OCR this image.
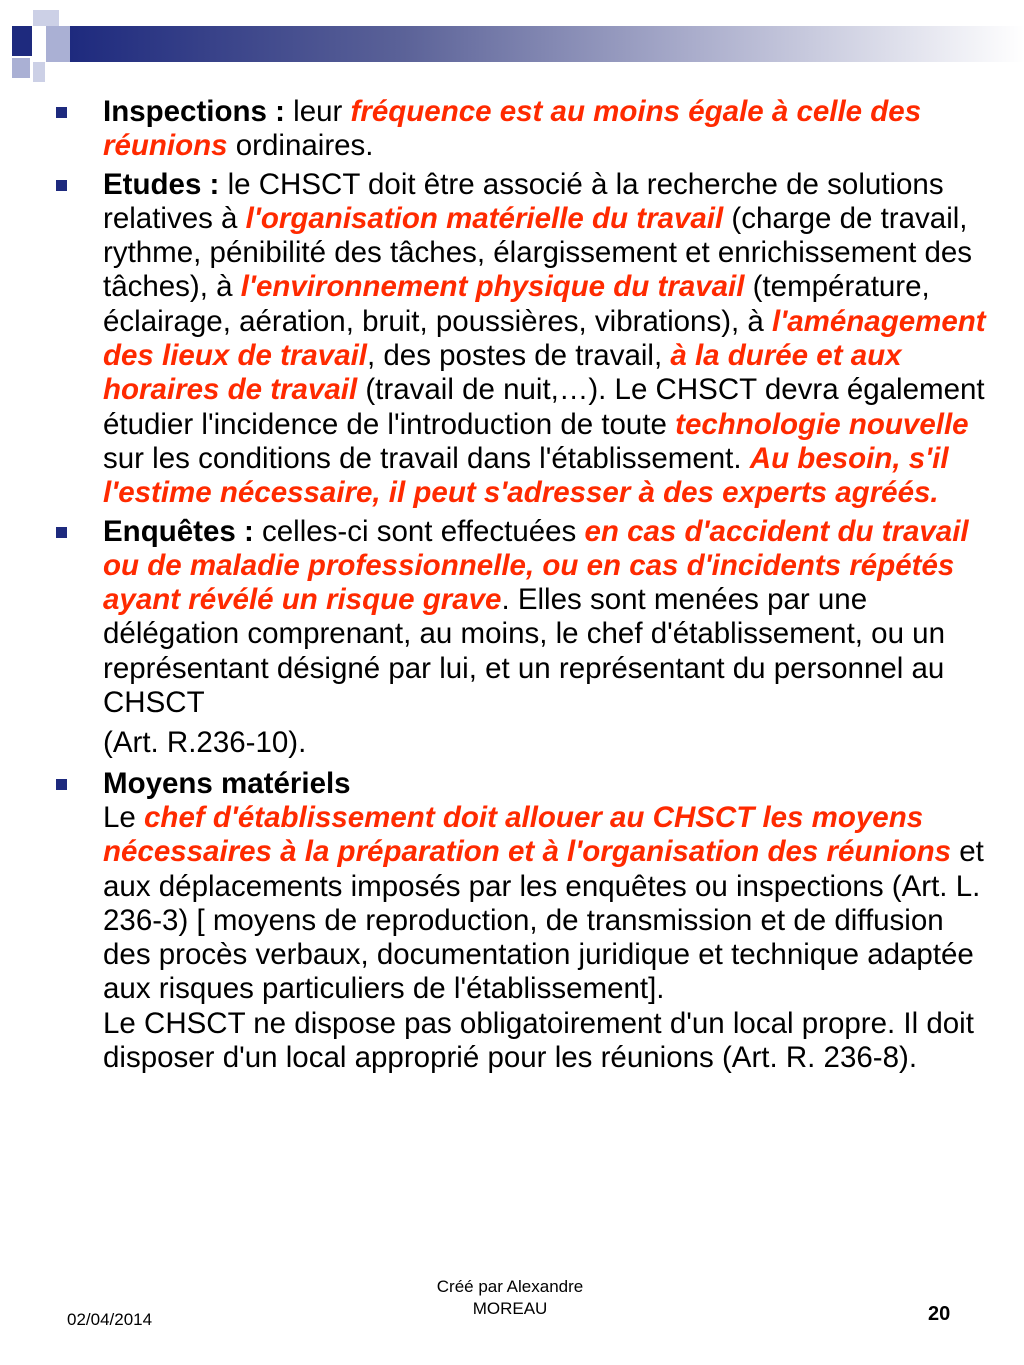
Inspections : leur fréquence est au moins égale à celle des réunions ordinaires.
Etudes : le CHSCT doit être associé à la recherche de solutions relatives à l'organisation matérielle du travail (charge de travail, rythme, pénibilité des tâches, élargissement et enrichissement des tâches), à l'environnement physique du travail (température, éclairage, aération, bruit, poussières, vibrations), à l'aménagement des lieux de travail, des postes de travail, à la durée et aux horaires de travail (travail de nuit,…). Le CHSCT devra également étudier l'incidence de l'introduction de toute technologie nouvelle sur les conditions de travail dans l'établissement. Au besoin, s'il l'estime nécessaire, il peut s'adresser à des experts agréés.
Enquêtes : celles-ci sont effectuées en cas d'accident du travail ou de maladie professionnelle, ou en cas d'incidents répétés ayant révélé un risque grave. Elles sont menées par une délégation comprenant, au moins, le chef d'établissement, ou un représentant désigné par lui, et un représentant du personnel au CHSCT
(Art. R.236-10).
Moyens matériels
Le chef d'établissement doit allouer au CHSCT les moyens nécessaires à la préparation et à l'organisation des réunions et aux déplacements imposés par les enquêtes ou inspections (Art. L. 236-3) [ moyens de reproduction, de transmission et de diffusion des procès verbaux, documentation juridique et technique adaptée aux risques particuliers de l'établissement].
Le CHSCT ne dispose pas obligatoirement d'un local propre. Il doit disposer d'un local approprié pour les réunions (Art. R. 236-8).
02/04/2014
Créé par Alexandre
MOREAU	20
